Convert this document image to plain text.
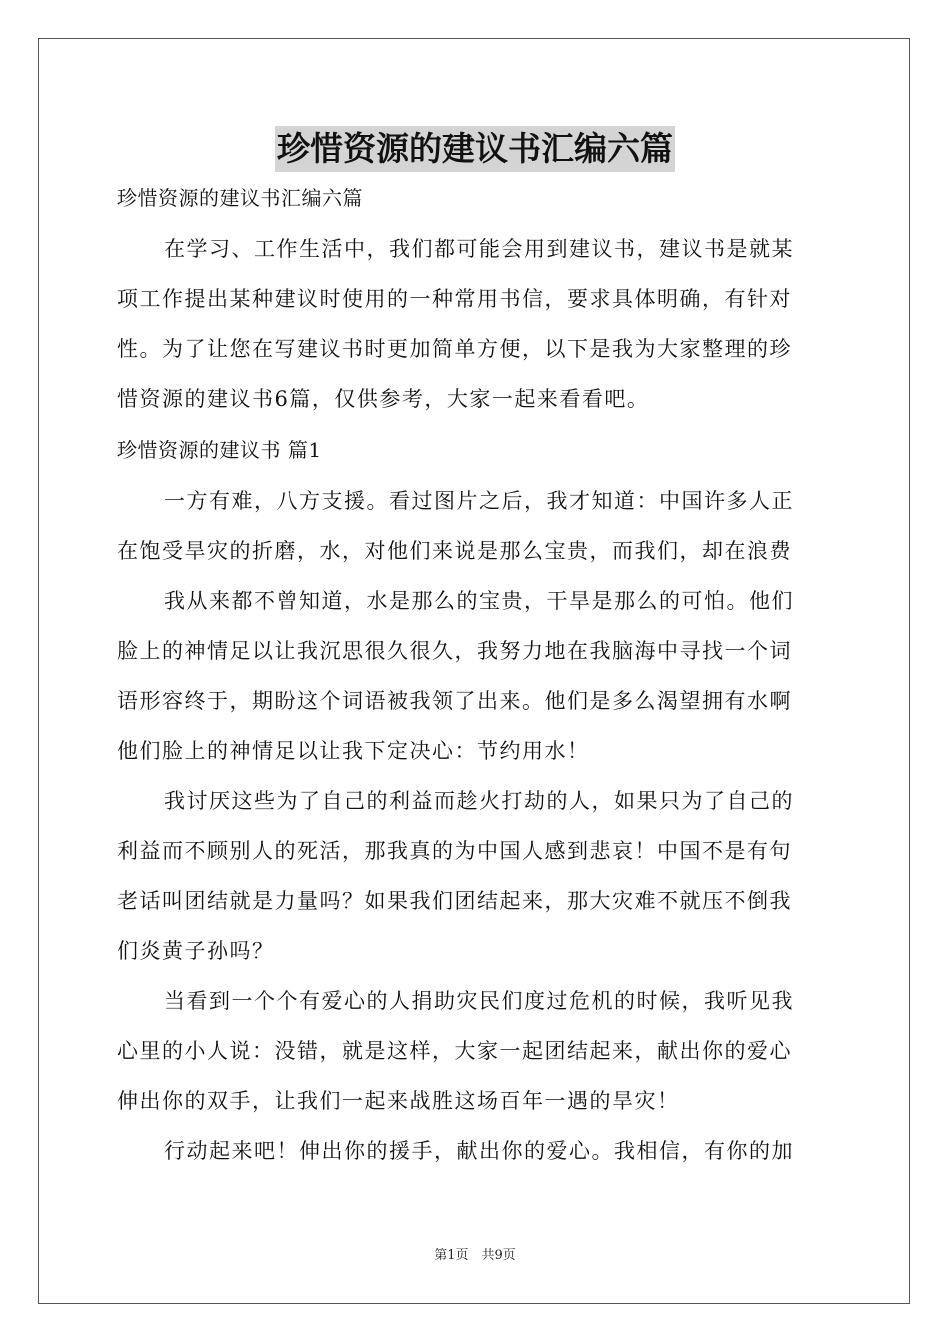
珍惜资源的建议书汇编六篇
珍惜资源的建议书汇编六篇
在学习、工作生活中，我们都可能会用到建议书，建议书是就某
项工作提出某种建议时使用的一种常用书信，要求具体明确，有针对
性。为了让您在写建议书时更加简单方便，以下是我为大家整理的珍
惜资源的建议书6篇，仅供参考，大家一起来看看吧。
珍惜资源的建议书 篇1
一方有难，八方支援。看过图片之后，我才知道：中国许多人正
在饱受旱灾的折磨，水，对他们来说是那么宝贵，而我们，却在浪费
我从来都不曾知道，水是那么的宝贵，干旱是那么的可怕。他们
脸上的神情足以让我沉思很久很久，我努力地在我脑海中寻找一个词
语形容终于，期盼这个词语被我领了出来。他们是多么渴望拥有水啊
他们脸上的神情足以让我下定决心：节约用水！
我讨厌这些为了自己的利益而趁火打劫的人，如果只为了自己的
利益而不顾别人的死活，那我真的为中国人感到悲哀！中国不是有句
老话叫团结就是力量吗？如果我们团结起来，那大灾难不就压不倒我
们炎黄子孙吗？
当看到一个个有爱心的人捐助灾民们度过危机的时候，我听见我
心里的小人说：没错，就是这样，大家一起团结起来，献出你的爱心
伸出你的双手，让我们一起来战胜这场百年一遇的旱灾！
行动起来吧！伸出你的援手，献出你的爱心。我相信，有你的加
第1页　共9页
